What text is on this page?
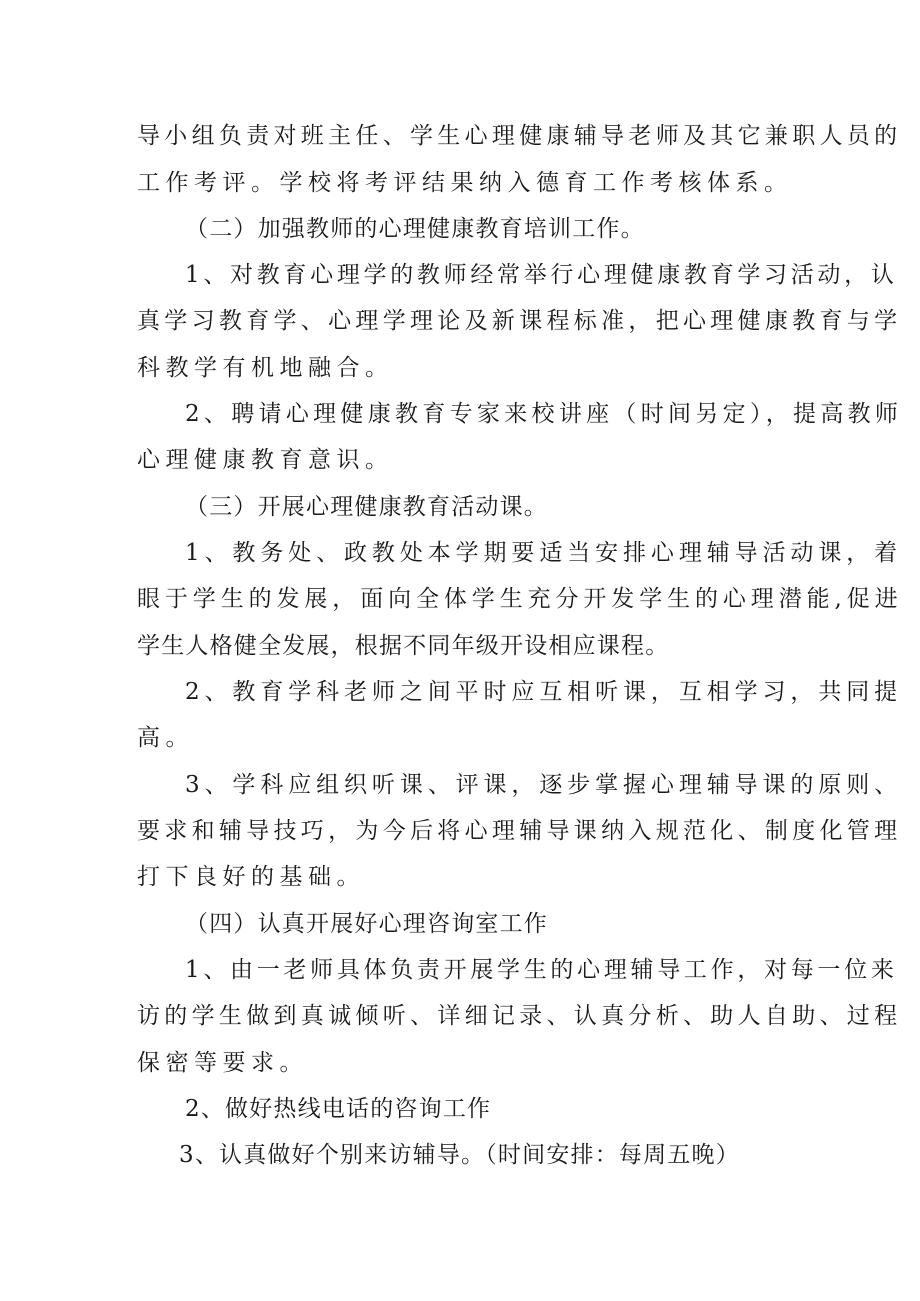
导小组负责对班主任、学生心理健康辅导老师及其它兼职人员的
工作考评。学校将考评结果纳入德育工作考核体系。
（二）加强教师的心理健康教育培训工作。
1、对教育心理学的教师经常举行心理健康教育学习活动，认
真学习教育学、心理学理论及新课程标准，把心理健康教育与学
科教学有机地融合。
2、聘请心理健康教育专家来校讲座（时间另定），提高教师
心理健康教育意识。
（三）开展心理健康教育活动课。
1、教务处、政教处本学期要适当安排心理辅导活动课，着
眼于学生的发展，面向全体学生充分开发学生的心理潜能,促进
学生人格健全发展，根据不同年级开设相应课程。
2、教育学科老师之间平时应互相听课，互相学习，共同提
高。
3、学科应组织听课、评课，逐步掌握心理辅导课的原则、
要求和辅导技巧，为今后将心理辅导课纳入规范化、制度化管理
打下良好的基础。
（四）认真开展好心理咨询室工作
1、由一老师具体负责开展学生的心理辅导工作，对每一位来
访的学生做到真诚倾听、详细记录、认真分析、助人自助、过程
保密等要求。
2、做好热线电话的咨询工作
3、认真做好个别来访辅导。（时间安排：每周五晚）
